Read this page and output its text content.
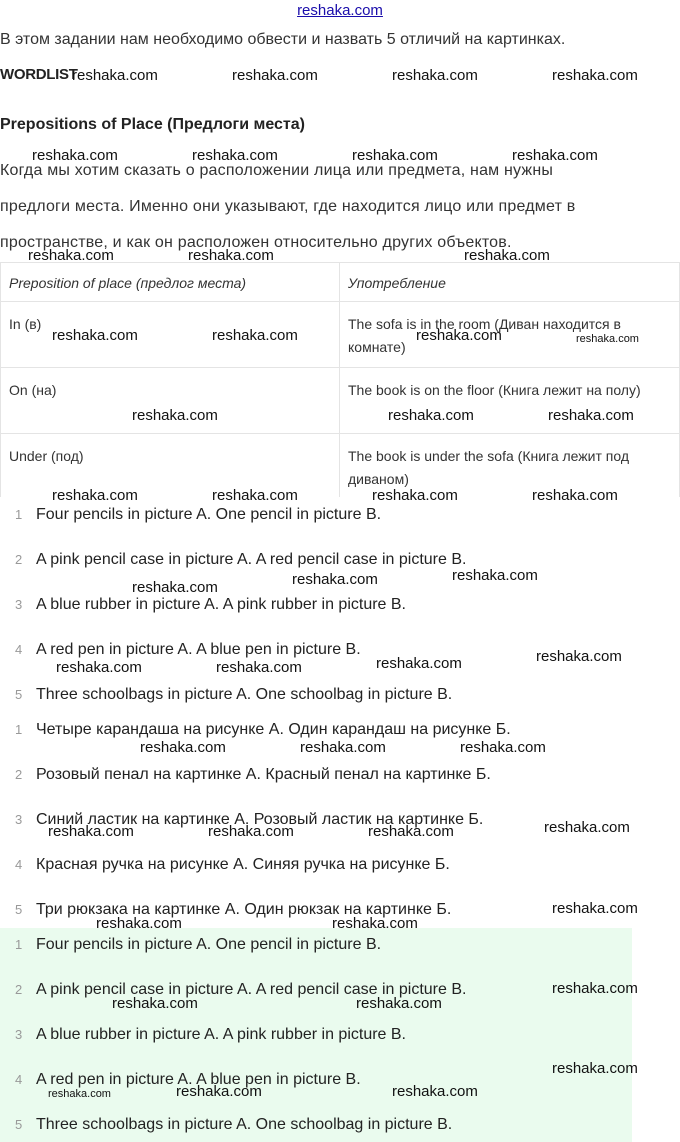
reshaka.com
В этом задании нам необходимо обвести и назвать 5 отличий на картинках.
WORDLIST
Prepositions of Place (Предлоги места)
Когда мы хотим сказать о расположении лица или предмета, нам нужны
предлоги места. Именно они указывают, где находится лицо или предмет в
пространстве, и как он расположен относительно других объектов.
Preposition of place (предлог места)	Употребление
In (в)	The sofa is in the room (Диван находится в комнате)
On (на)	The book is on the floor (Книга лежит на полу)
Under (под)	The book is under the sofa (Книга лежит под диваном)
1 Four pencils in picture A. One pencil in picture B.
2 A pink pencil case in picture A. A red pencil case in picture B.
3 A blue rubber in picture A. A pink rubber in picture B.
4 A red pen in picture A. A blue pen in picture B.
5 Three schoolbags in picture A. One schoolbag in picture B.
1 Четыре карандаша на рисунке А. Один карандаш на рисунке Б.
2 Розовый пенал на картинке А. Красный пенал на картинке Б.
3 Синий ластик на картинке А. Розовый ластик на картинке Б.
4 Красная ручка на рисунке А. Синяя ручка на рисунке Б.
5 Три рюкзака на картинке А. Один рюкзак на картинке Б.
1 Four pencils in picture A. One pencil in picture B.
2 A pink pencil case in picture A. A red pencil case in picture B.
3 A blue rubber in picture A. A pink rubber in picture B.
4 A red pen in picture A. A blue pen in picture B.
5 Three schoolbags in picture A. One schoolbag in picture B.
reshaka.com	reshaka.com	reshaka.com	reshaka.com
reshaka.com	reshaka.com	reshaka.com	reshaka.com
reshaka.com	reshaka.com	reshaka.com
reshaka.com	reshaka.com	reshaka.com	reshaka.com
reshaka.com	reshaka.com	reshaka.com
reshaka.com	reshaka.com	reshaka.com	reshaka.com
reshaka.com	reshaka.com	reshaka.com
reshaka.com	reshaka.com	reshaka.com	reshaka.com
reshaka.com	reshaka.com	reshaka.com
reshaka.com	reshaka.com	reshaka.com	reshaka.com
reshaka.com
reshaka.com	reshaka.com
reshaka.com
reshaka.com	reshaka.com
reshaka.com
reshaka.com	reshaka.com	reshaka.com
